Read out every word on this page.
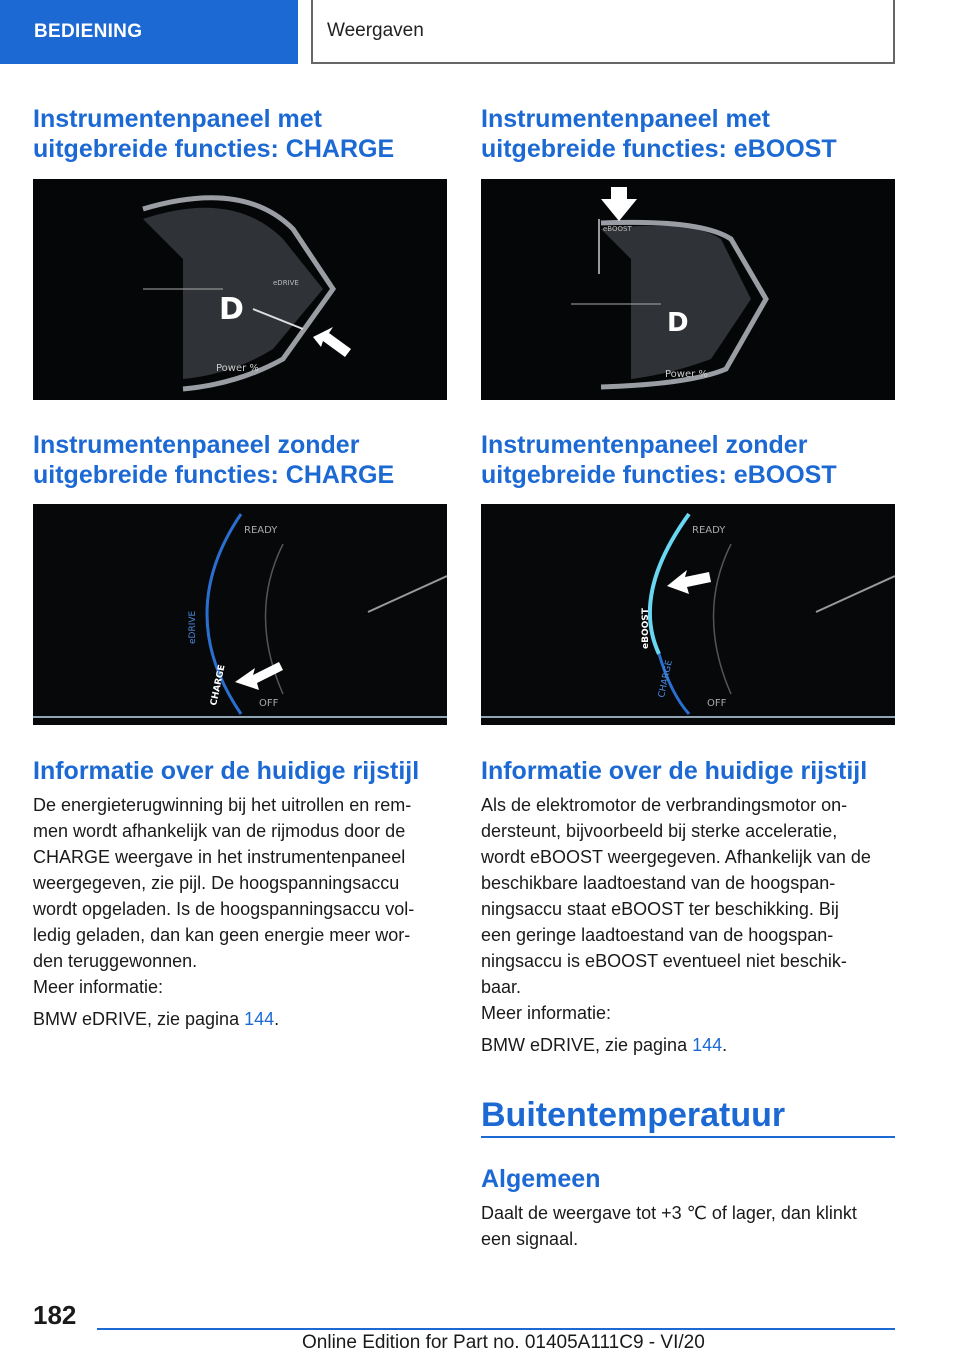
BEDIENING	Weergaven
Instrumentenpaneel met uitgebreide functies: CHARGE
D
eDRIVE
Power %
Instrumentenpaneel zonder uitgebreide functies: CHARGE
READY
OFF
eDRIVE
CHARGE
Informatie over de huidige rijstijl
De energieterugwinning bij het uitrollen en rem-
men wordt afhankelijk van de rijmodus door de
CHARGE weergave in het instrumentenpaneel
weergegeven, zie pijl. De hoogspanningsaccu
wordt opgeladen. Is de hoogspanningsaccu vol-
ledig geladen, dan kan geen energie meer wor-
den teruggewonnen.
Meer informatie:
BMW eDRIVE, zie pagina 144.
Instrumentenpaneel met uitgebreide functies: eBOOST
D
eBOOST
Power %
Instrumentenpaneel zonder uitgebreide functies: eBOOST
READY
OFF
eBOOST
CHARGE
Informatie over de huidige rijstijl
Als de elektromotor de verbrandingsmotor on-
dersteunt, bijvoorbeeld bij sterke acceleratie,
wordt eBOOST weergegeven. Afhankelijk van de
beschikbare laadtoestand van de hoogspan-
ningsaccu staat eBOOST ter beschikking. Bij
een geringe laadtoestand van de hoogspan-
ningsaccu is eBOOST eventueel niet beschik-
baar.
Meer informatie:
BMW eDRIVE, zie pagina 144.
Buitentemperatuur
Algemeen
Daalt de weergave tot +3 ℃ of lager, dan klinkt
een signaal.
182
Online Edition for Part no. 01405A111C9 - VI/20
